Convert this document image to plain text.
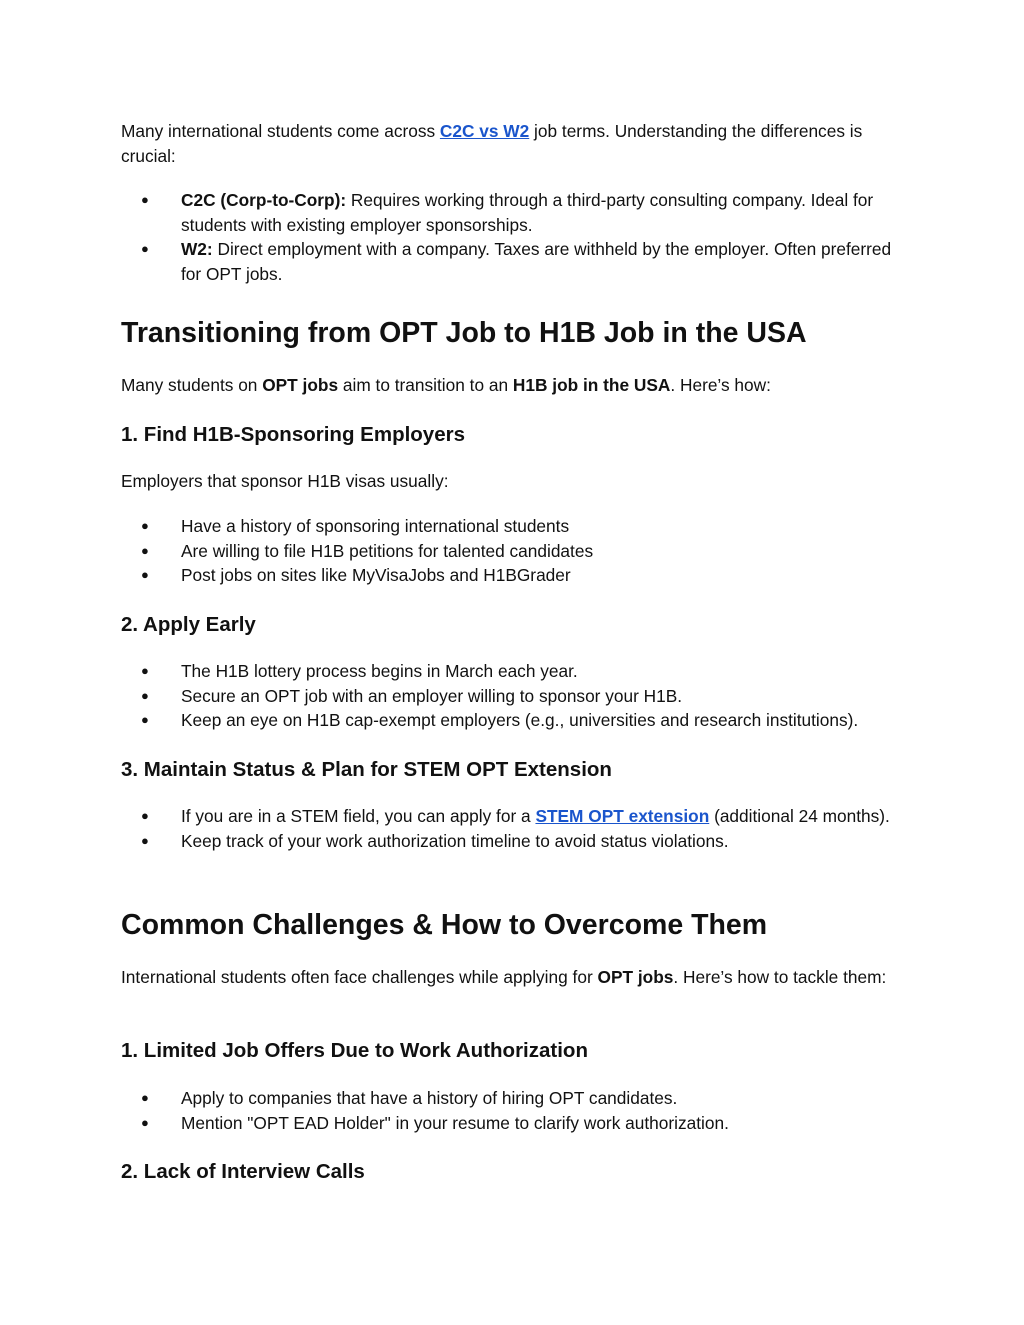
Many international students come across C2C vs W2 job terms. Understanding the differences is crucial:

●	C2C (Corp-to-Corp): Requires working through a third-party consulting company. Ideal for students with existing employer sponsorships.
●	W2: Direct employment with a company. Taxes are withheld by the employer. Often preferred for OPT jobs.
Transitioning from OPT Job to H1B Job in the USA

Many students on OPT jobs aim to transition to an H1B job in the USA. Here’s how:

1. Find H1B-Sponsoring Employers

Employers that sponsor H1B visas usually:

●	Have a history of sponsoring international students
●	Are willing to file H1B petitions for talented candidates
●	Post jobs on sites like MyVisaJobs and H1BGrader
2. Apply Early
●	The H1B lottery process begins in March each year.
●	Secure an OPT job with an employer willing to sponsor your H1B.
●	Keep an eye on H1B cap-exempt employers (e.g., universities and research institutions).
3. Maintain Status & Plan for STEM OPT Extension
●	If you are in a STEM field, you can apply for a STEM OPT extension (additional 24 months).
●	Keep track of your work authorization timeline to avoid status violations.
Common Challenges & How to Overcome Them

International students often face challenges while applying for OPT jobs. Here’s how to tackle them:

1. Limited Job Offers Due to Work Authorization
●	Apply to companies that have a history of hiring OPT candidates.
●	Mention "OPT EAD Holder" in your resume to clarify work authorization.
2. Lack of Interview Calls
